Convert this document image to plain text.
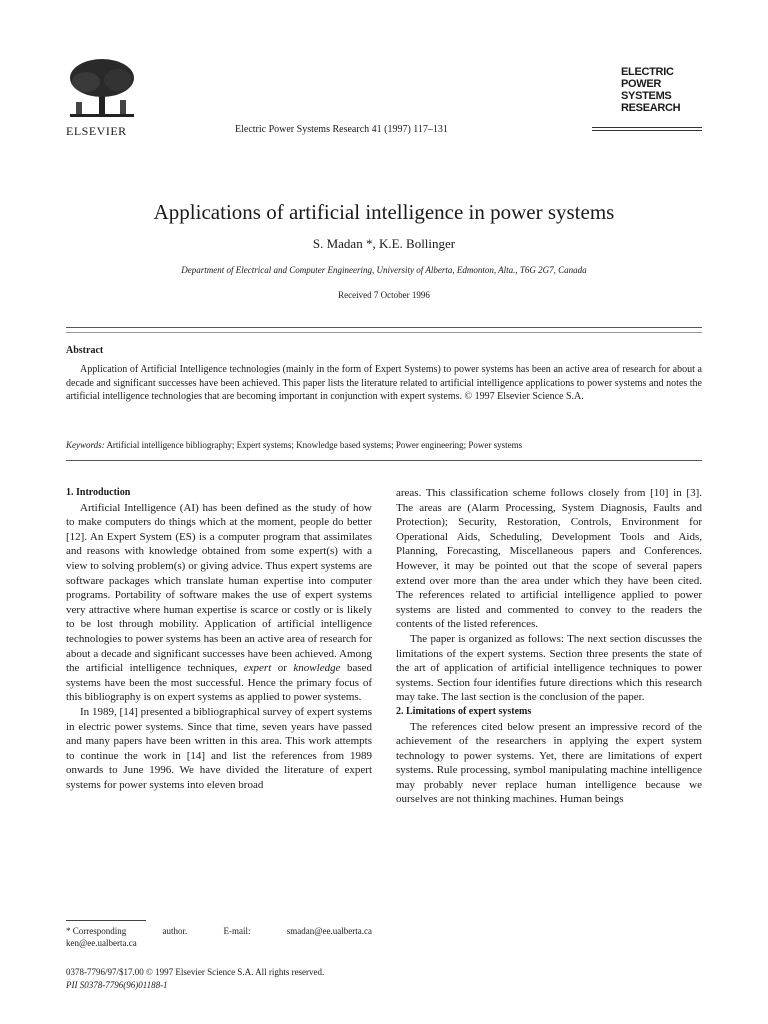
ELSEVIER	Electric Power Systems Research 41 (1997) 117–131
ELECTRIC
POWER
SYSTEMS
RESEARCH
Applications of artificial intelligence in power systems
S. Madan *, K.E. Bollinger
Department of Electrical and Computer Engineering, University of Alberta, Edmonton, Alta., T6G 2G7, Canada
Received 7 October 1996
Abstract
Application of Artificial Intelligence technologies (mainly in the form of Expert Systems) to power systems has been an active area of research for about a decade and significant successes have been achieved. This paper lists the literature related to artificial intelligence applications to power systems and notes the artificial intelligence technologies that are becoming important in conjunction with expert systems. © 1997 Elsevier Science S.A.
Keywords: Artificial intelligence bibliography; Expert systems; Knowledge based systems; Power engineering; Power systems

1. Introduction

Artificial Intelligence (AI) has been defined as the study of how to make computers do things which at the moment, people do better [12]. An Expert System (ES) is a computer program that assimilates and reasons with knowledge obtained from some expert(s) with a view to solving problem(s) or giving advice. Thus expert systems are software packages which translate human expertise into computer programs. Portability of software makes the use of expert systems very attractive where human expertise is scarce or costly or is likely to be lost through mobility. Application of artificial intelligence technologies to power systems has been an active area of research for about a decade and significant successes have been achieved. Among the artificial intelligence techniques, expert or knowledge based systems have been the most successful. Hence the primary focus of this bibliography is on expert systems as applied to power systems.

In 1989, [14] presented a bibliographical survey of expert systems in electric power systems. Since that time, seven years have passed and many papers have been written in this area. This work attempts to continue the work in [14] and list the references from 1989 onwards to June 1996. We have divided the literature of expert systems for power systems into eleven broad

areas. This classification scheme follows closely from [10] in [3]. The areas are (Alarm Processing, System Diagnosis, Faults and Protection); Security, Restoration, Controls, Environment for Operational Aids, Scheduling, Development Tools and Aids, Planning, Forecasting, Miscellaneous papers and Conferences. However, it may be pointed out that the scope of several papers extend over more than the area under which they have been cited. The references related to artificial intelligence applied to power systems are listed and commented to convey to the readers the contents of the listed references.

The paper is organized as follows: The next section discusses the limitations of the expert systems. Section three presents the state of the art of application of artificial intelligence techniques to power systems. Section four identifies future directions which this research may take. The last section is the conclusion of the paper.

2. Limitations of expert systems

The references cited below present an impressive record of the achievement of the researchers in applying the expert system technology to power systems. Yet, there are limitations of expert systems. Rule processing, symbol manipulating machine intelligence may probably never replace human intelligence because we ourselves are not thinking machines. Human beings

* Corresponding	author.	E-mail:	smadan@ee.ualberta.ca
ken@ee.ualberta.ca
0378-7796/97/$17.00 © 1997 Elsevier Science S.A. All rights reserved.
PII S0378-7796(96)01188-1
